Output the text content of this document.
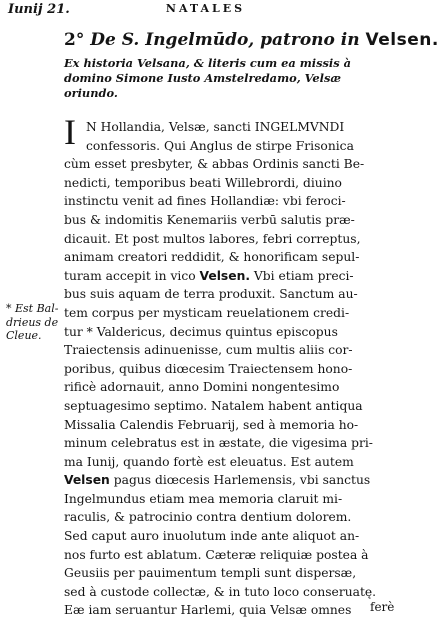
Iunij 21.	NATALES
2° De S. Ingelmūdo, patrono in Velsen.
Ex historia Velsana, & literis cum ea missis à
domino Simone Iusto Amstelredamo, Velsæ
oriundo.
I N Hollandia, Velsæ, sancti INGELMVNDI
confessoris. Qui Anglus de stirpe Frisonica
cùm esset presbyter, & abbas Ordinis sancti Be-
nedicti, temporibus beati Willebrordi, diuino
instinctu venit ad fines Hollandiæ: vbi feroci-
bus & indomitis Kenemariis verbū salutis præ-
dicauit. Et post multos labores, febri correptus,
animam creatori reddidit, & honorificam sepul-
turam accepit in vico Velsen. Vbi etiam preci-
bus suis aquam de terra produxit. Sanctum au-
tem corpus per mysticam reuelationem credi-
tur * Valdericus, decimus quintus episcopus
Traiectensis adinuenisse, cum multis aliis cor-
poribus, quibus diœcesim Traiectensem hono-
rificè adornauit, anno Domini nongentesimo
septuagesimo septimo. Natalem habent antiqua
Missalia Calendis Februarij, sed à memoria ho-
minum celebratus est in æstate, die vigesima pri-
ma Iunij, quando fortè est eleuatus. Est autem
Velsen pagus diœcesis Harlemensis, vbi sanctus
Ingelmundus etiam mea memoria claruit mi-
raculis, & patrocinio contra dentium dolorem.
Sed caput auro inuolutum inde ante aliquot an-
nos furto est ablatum. Cæteræ reliquiæ postea à
Geusiis per pauimentum templi sunt dispersæ,
sed à custode collectæ, & in tuto loco conseruatę.
Eæ iam seruantur Harlemi, quia Velsæ omnes
* Est Bal-
drieus de
Cleue.
ferè
